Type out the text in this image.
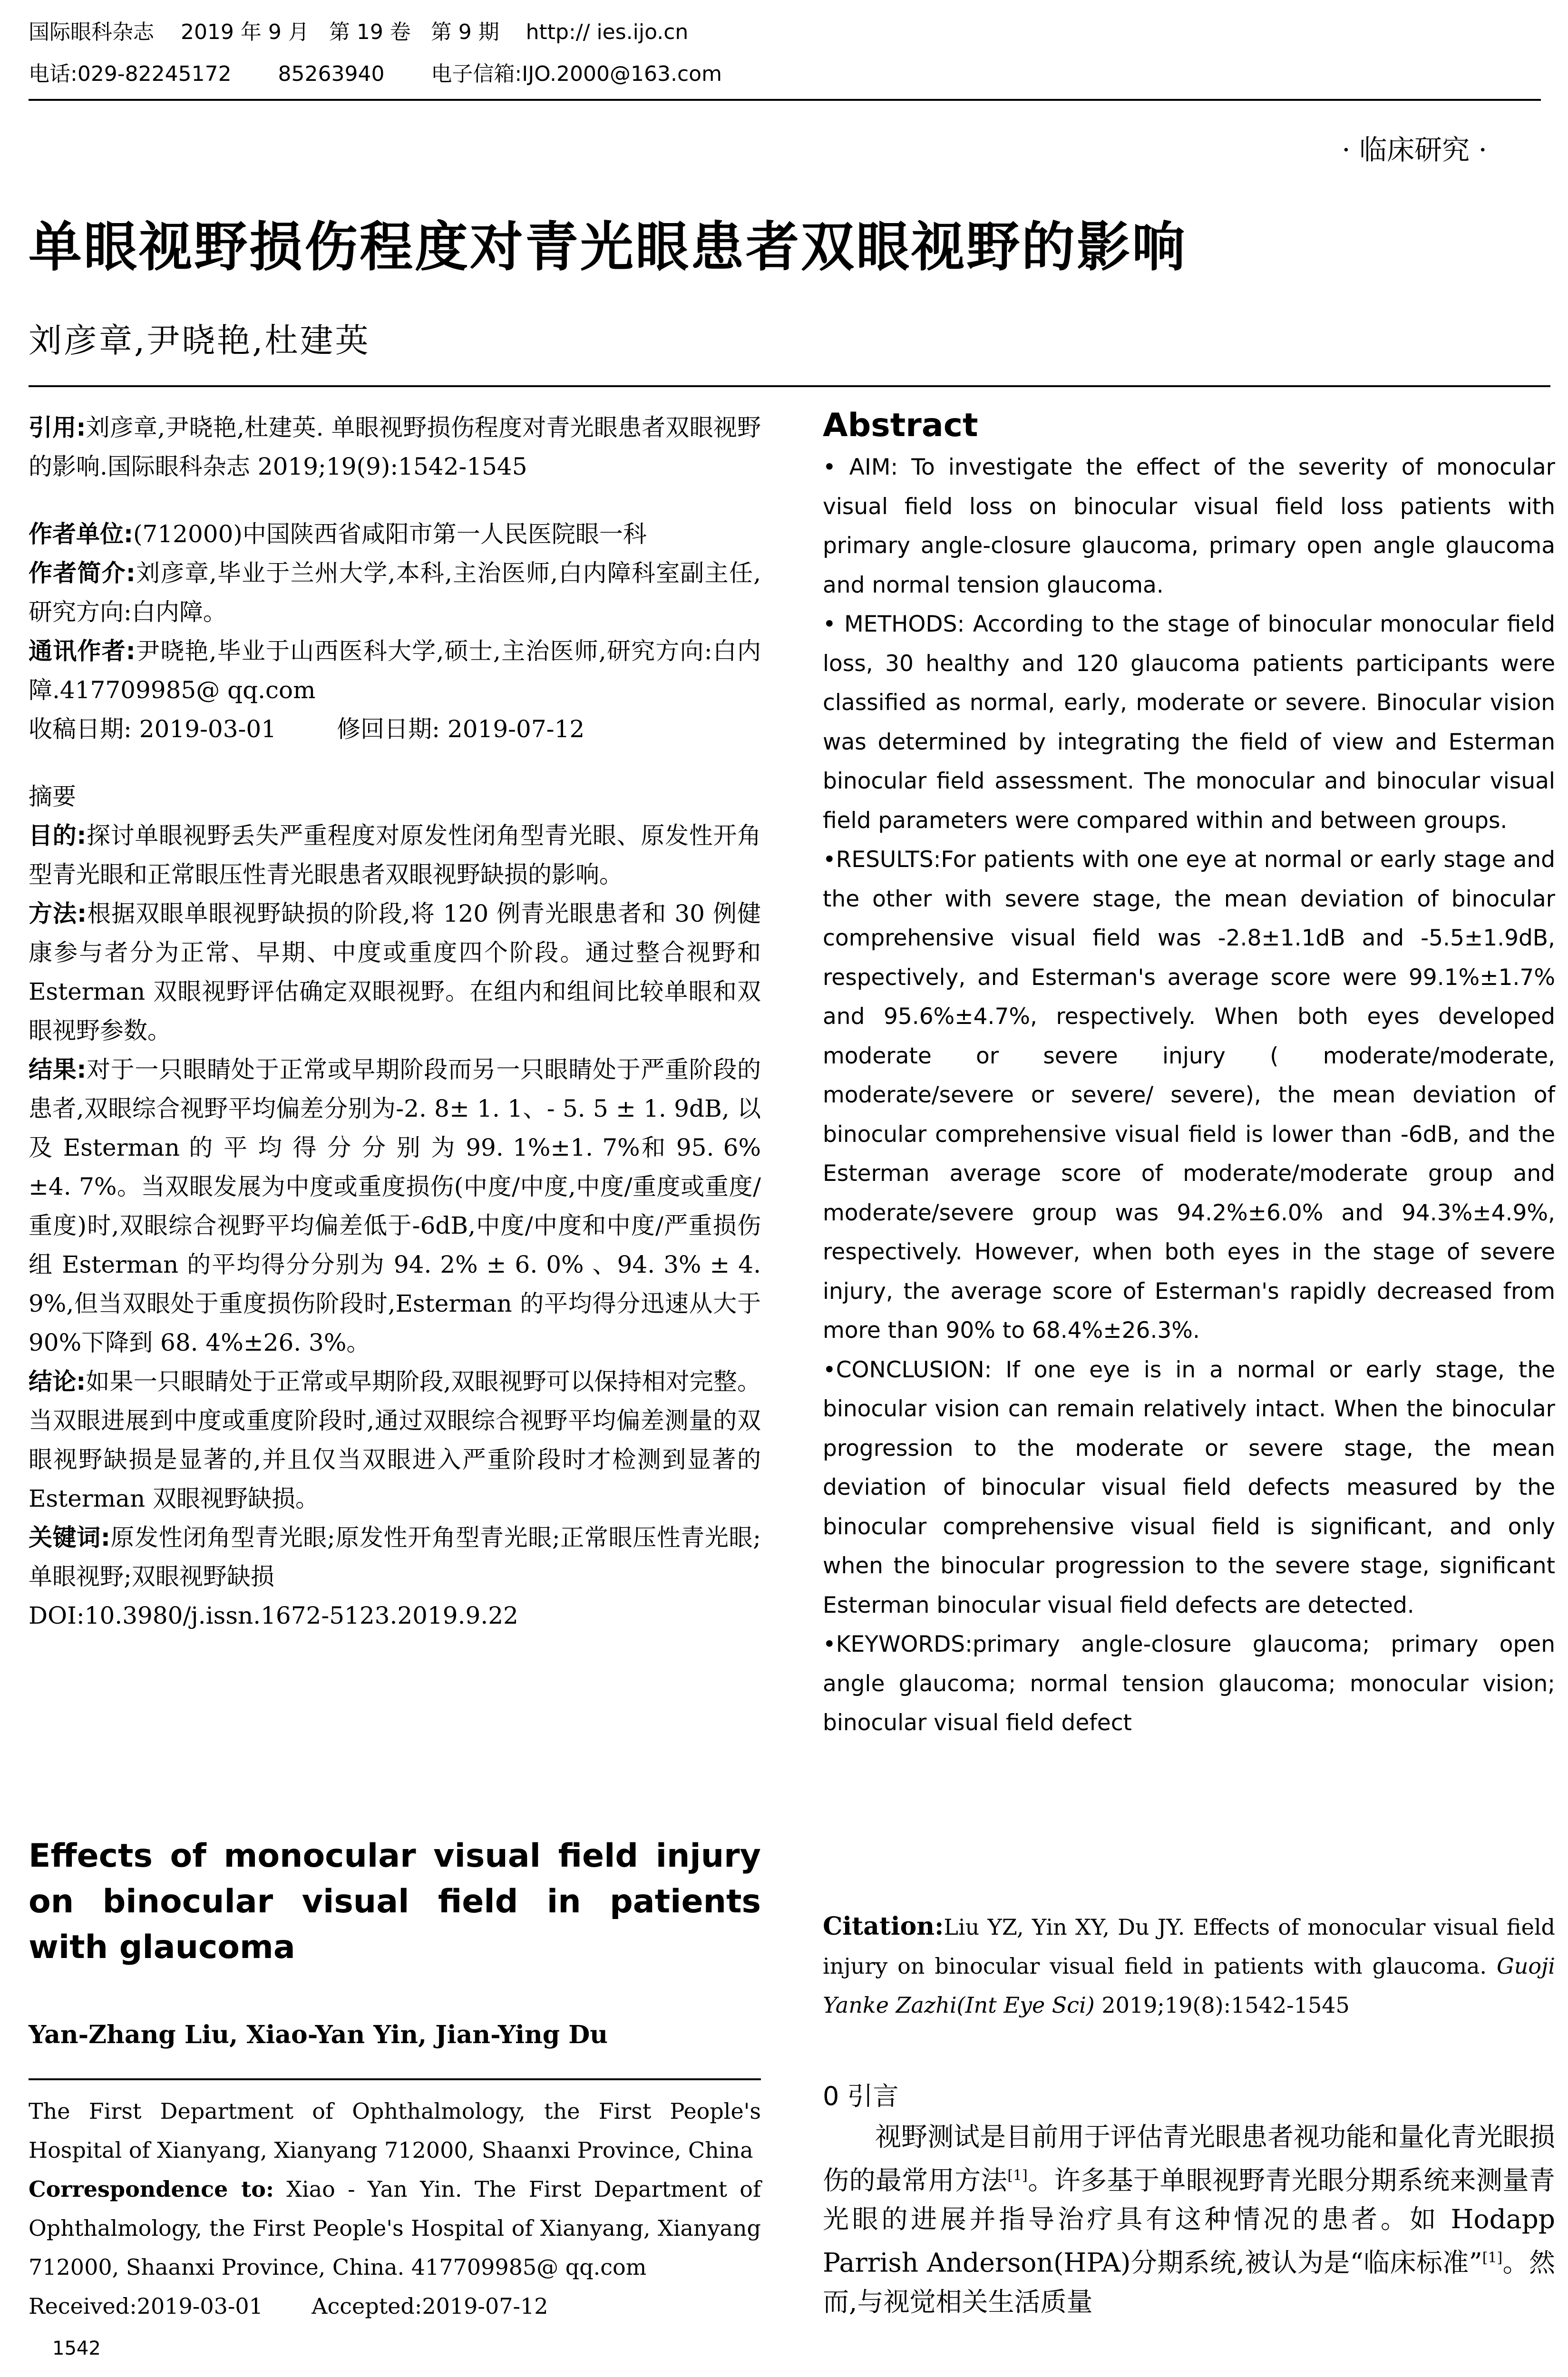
国际眼科杂志    2019 年 9 月   第 19 卷   第 9 期    http:// ies.ijo.cn
电话:029-82245172       85263940       电子信箱:IJO.2000@163.com
· 临床研究 ·
单眼视野损伤程度对青光眼患者双眼视野的影响
刘彦章,尹晓艳,杜建英

引用:刘彦章,尹晓艳,杜建英. 单眼视野损伤程度对青光眼患者双眼视野的影响.国际眼科杂志 2019;19(9):1542-1545

作者单位:(712000)中国陕西省咸阳市第一人民医院眼一科

作者简介:刘彦章,毕业于兰州大学,本科,主治医师,白内障科室副主任,研究方向:白内障。

通讯作者:尹晓艳,毕业于山西医科大学,硕士,主治医师,研究方向:白内障.417709985@ qq.com

收稿日期: 2019-03-01        修回日期: 2019-07-12

摘要

目的:探讨单眼视野丢失严重程度对原发性闭角型青光眼、原发性开角型青光眼和正常眼压性青光眼患者双眼视野缺损的影响。

方法:根据双眼单眼视野缺损的阶段,将 120 例青光眼患者和 30 例健康参与者分为正常、早期、中度或重度四个阶段。通过整合视野和 Esterman 双眼视野评估确定双眼视野。在组内和组间比较单眼和双眼视野参数。

结果:对于一只眼睛处于正常或早期阶段而另一只眼睛处于严重阶段的患者,双眼综合视野平均偏差分别为-2. 8± 1. 1、- 5. 5 ± 1. 9dB, 以 及 Esterman 的 平 均 得 分 分 别 为 99. 1%±1. 7%和 95. 6% ±4. 7%。当双眼发展为中度或重度损伤(中度/中度,中度/重度或重度/重度)时,双眼综合视野平均偏差低于-6dB,中度/中度和中度/严重损伤组 Esterman 的平均得分分别为 94. 2% ± 6. 0% 、94. 3% ± 4. 9%,但当双眼处于重度损伤阶段时,Esterman 的平均得分迅速从大于 90%下降到 68. 4%±26. 3%。

结论:如果一只眼睛处于正常或早期阶段,双眼视野可以保持相对完整。当双眼进展到中度或重度阶段时,通过双眼综合视野平均偏差测量的双眼视野缺损是显著的,并且仅当双眼进入严重阶段时才检测到显著的 Esterman 双眼视野缺损。

关键词:原发性闭角型青光眼;原发性开角型青光眼;正常眼压性青光眼;单眼视野;双眼视野缺损

DOI:10.3980/j.issn.1672-5123.2019.9.22

Effects of monocular visual field injury on binocular visual field in patients with glaucoma
Yan-Zhang Liu, Xiao-Yan Yin, Jian-Ying Du

The First Department of Ophthalmology, the First People's Hospital of Xianyang, Xianyang 712000, Shaanxi Province, China

Correspondence to: Xiao - Yan Yin. The First Department of Ophthalmology, the First People's Hospital of Xianyang, Xianyang 712000, Shaanxi Province, China. 417709985@ qq.com

Received:2019-03-01       Accepted:2019-07-12

Abstract

• AIM: To investigate the effect of the severity of monocular visual field loss on binocular visual field loss patients with primary angle-closure glaucoma, primary open angle glaucoma and normal tension glaucoma.

• METHODS: According to the stage of binocular monocular field loss, 30 healthy and 120 glaucoma patients participants were classified as normal, early, moderate or severe. Binocular vision was determined by integrating the field of view and Esterman binocular field assessment. The monocular and binocular visual field parameters were compared within and between groups.

•RESULTS:For patients with one eye at normal or early stage and the other with severe stage, the mean deviation of binocular comprehensive visual field was -2.8±1.1dB and -5.5±1.9dB, respectively, and Esterman's average score were 99.1%±1.7% and 95.6%±4.7%, respectively. When both eyes developed moderate or severe injury ( moderate/moderate, moderate/severe or severe/ severe), the mean deviation of binocular comprehensive visual field is lower than -6dB, and the Esterman average score of moderate/moderate group and moderate/severe group was 94.2%±6.0% and 94.3%±4.9%, respectively. However, when both eyes in the stage of severe injury, the average score of Esterman's rapidly decreased from more than 90% to 68.4%±26.3%.

•CONCLUSION: If one eye is in a normal or early stage, the binocular vision can remain relatively intact. When the binocular progression to the moderate or severe stage, the mean deviation of binocular visual field defects measured by the binocular comprehensive visual field is significant, and only when the binocular progression to the severe stage, significant Esterman binocular visual field defects are detected.

•KEYWORDS:primary angle-closure glaucoma; primary open angle glaucoma; normal tension glaucoma; monocular vision; binocular visual field defect

Citation:Liu YZ, Yin XY, Du JY. Effects of monocular visual field injury on binocular visual field in patients with glaucoma. Guoji Yanke Zazhi(Int Eye Sci) 2019;19(8):1542-1545

0 引言

视野测试是目前用于评估青光眼患者视功能和量化青光眼损伤的最常用方法[1]。许多基于单眼视野青光眼分期系统来测量青光眼的进展并指导治疗具有这种情况的患者。如 Hodapp Parrish Anderson(HPA)分期系统,被认为是“临床标准”[1]。然而,与视觉相关生活质量

1542
